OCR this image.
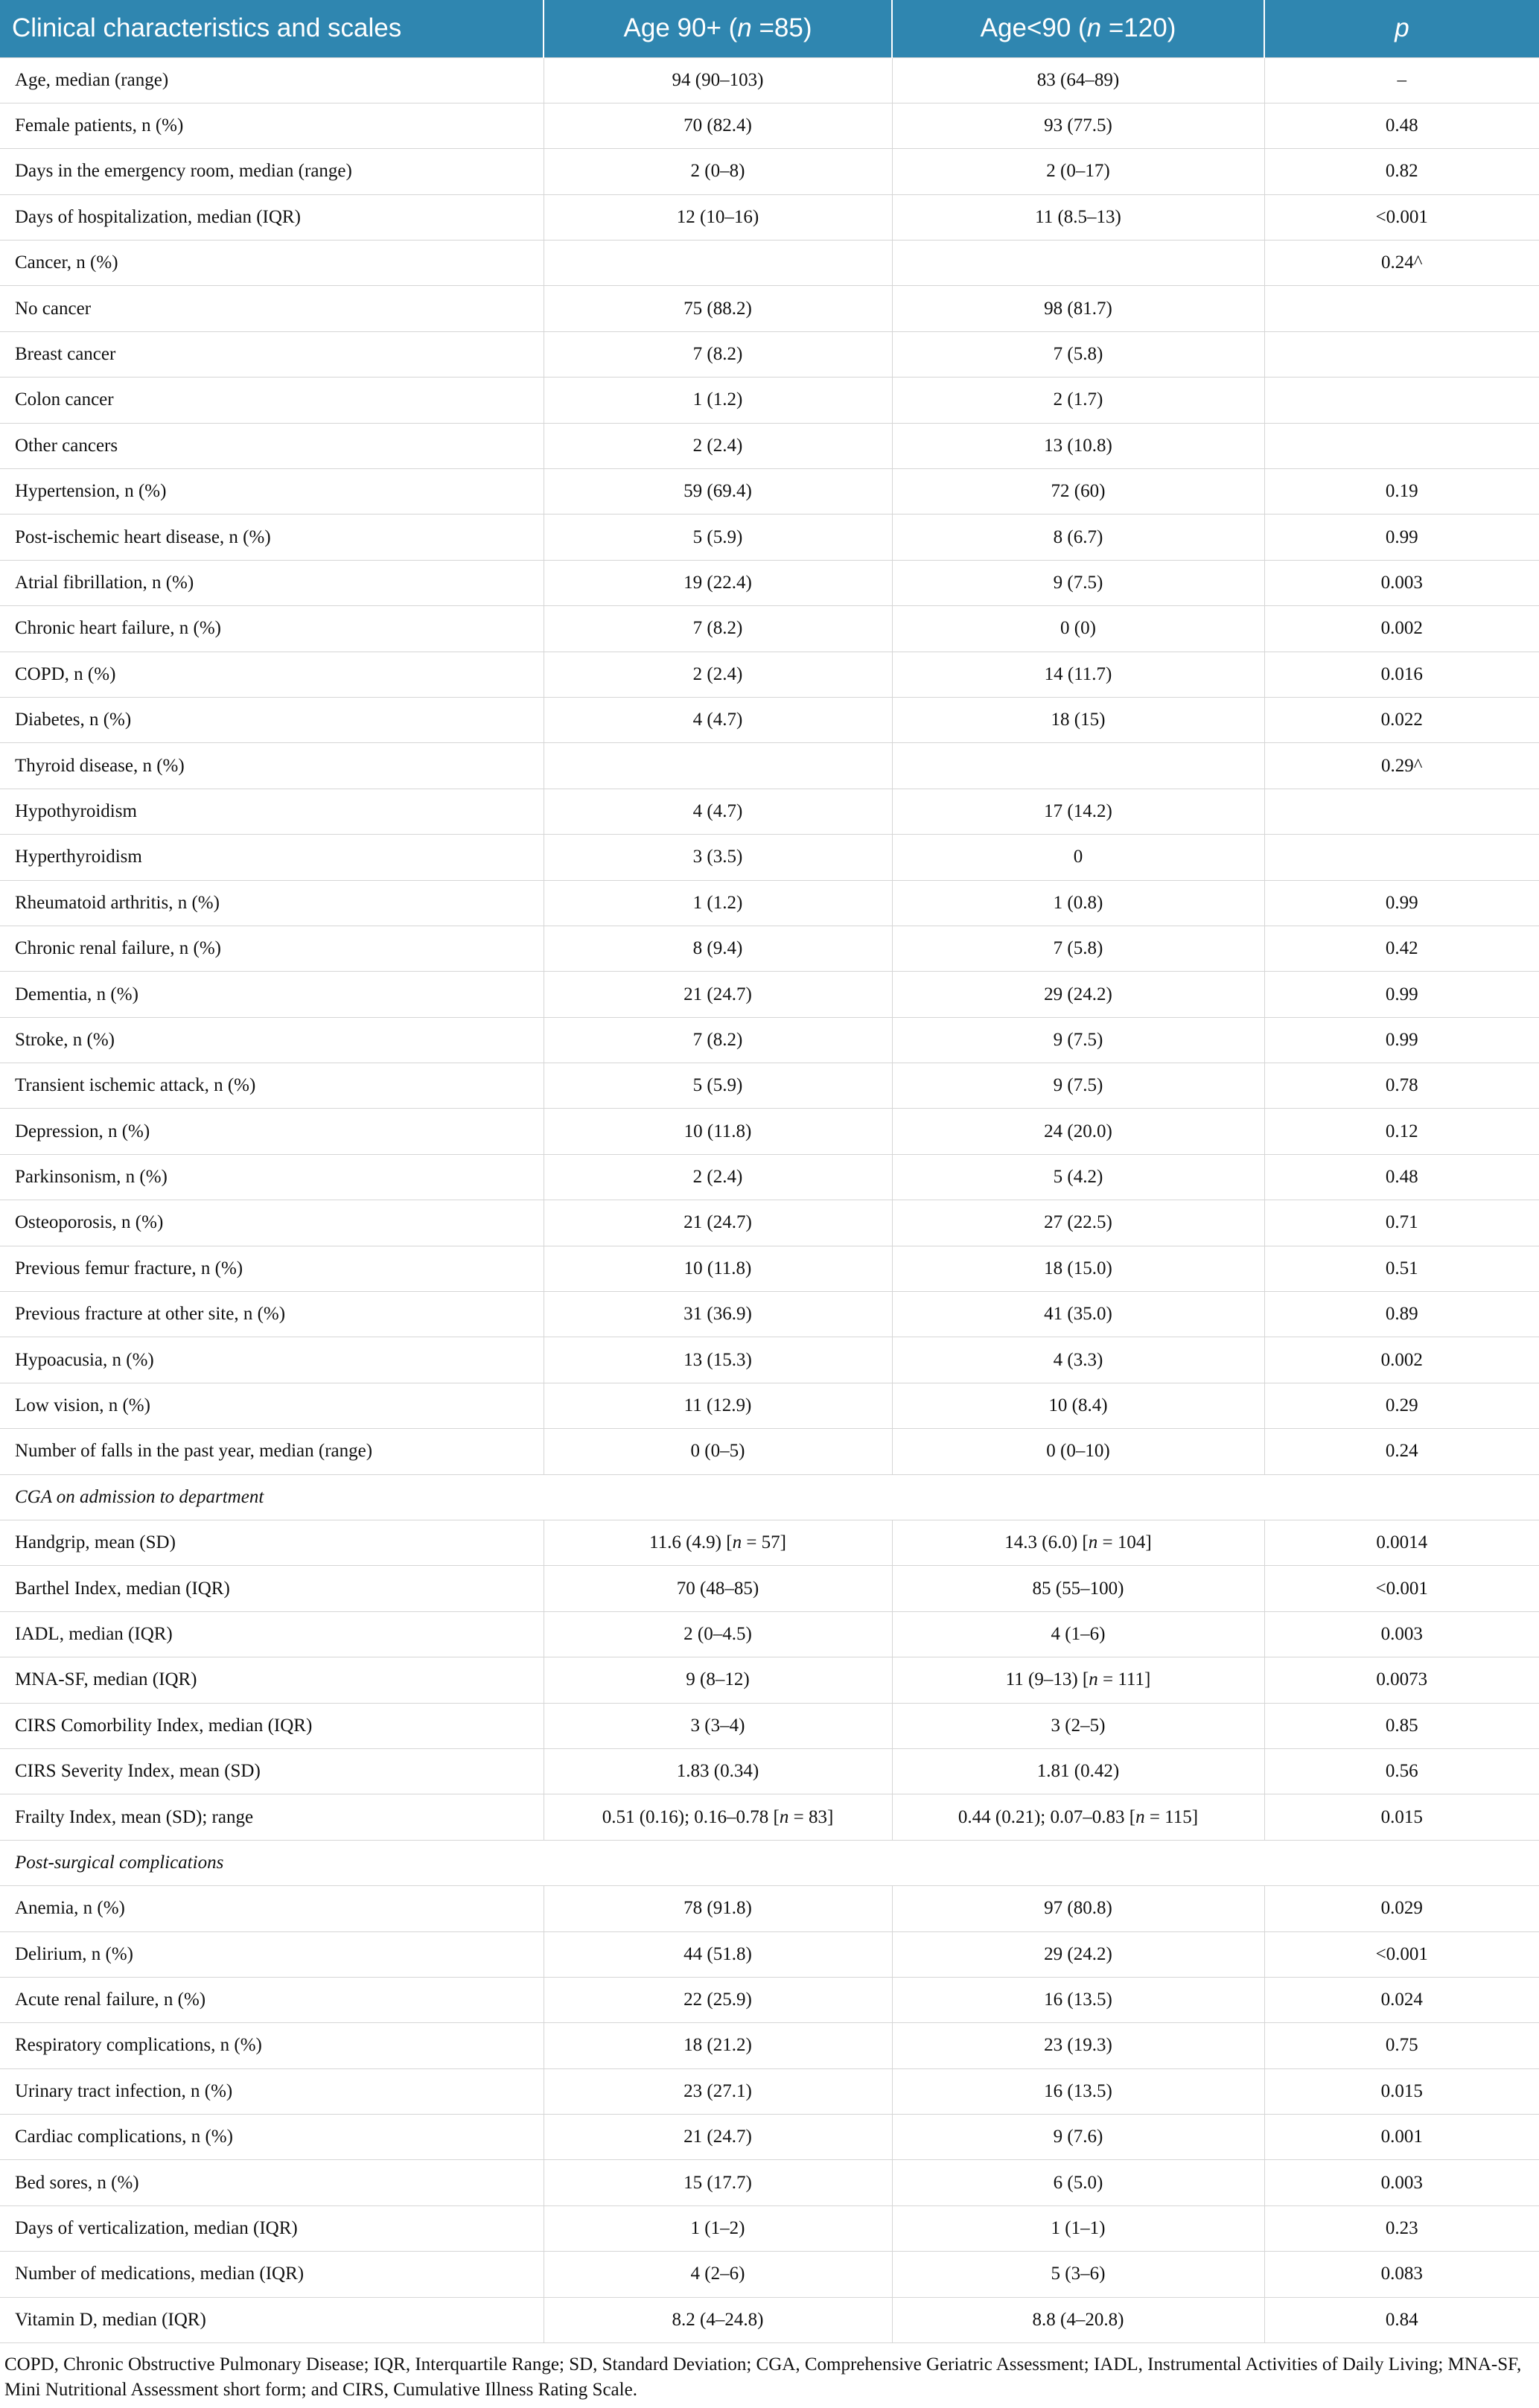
Clinical characteristics and scales	Age 90+ (n =85)	Age<90 (n =120)	p
Age, median (range)	94 (90–103)	83 (64–89)	–
Female patients, n (%)	70 (82.4)	93 (77.5)	0.48
Days in the emergency room, median (range)	2 (0–8)	2 (0–17)	0.82
Days of hospitalization, median (IQR)	12 (10–16)	11 (8.5–13)	<0.001
Cancer, n (%)			0.24^
No cancer	75 (88.2)	98 (81.7)	
Breast cancer	7 (8.2)	7 (5.8)	
Colon cancer	1 (1.2)	2 (1.7)	
Other cancers	2 (2.4)	13 (10.8)	
Hypertension, n (%)	59 (69.4)	72 (60)	0.19
Post-ischemic heart disease, n (%)	5 (5.9)	8 (6.7)	0.99
Atrial fibrillation, n (%)	19 (22.4)	9 (7.5)	0.003
Chronic heart failure, n (%)	7 (8.2)	0 (0)	0.002
COPD, n (%)	2 (2.4)	14 (11.7)	0.016
Diabetes, n (%)	4 (4.7)	18 (15)	0.022
Thyroid disease, n (%)			0.29^
Hypothyroidism	4 (4.7)	17 (14.2)	
Hyperthyroidism	3 (3.5)	0	
Rheumatoid arthritis, n (%)	1 (1.2)	1 (0.8)	0.99
Chronic renal failure, n (%)	8 (9.4)	7 (5.8)	0.42
Dementia, n (%)	21 (24.7)	29 (24.2)	0.99
Stroke, n (%)	7 (8.2)	9 (7.5)	0.99
Transient ischemic attack, n (%)	5 (5.9)	9 (7.5)	0.78
Depression, n (%)	10 (11.8)	24 (20.0)	0.12
Parkinsonism, n (%)	2 (2.4)	5 (4.2)	0.48
Osteoporosis, n (%)	21 (24.7)	27 (22.5)	0.71
Previous femur fracture, n (%)	10 (11.8)	18 (15.0)	0.51
Previous fracture at other site, n (%)	31 (36.9)	41 (35.0)	0.89
Hypoacusia, n (%)	13 (15.3)	4 (3.3)	0.002
Low vision, n (%)	11 (12.9)	10 (8.4)	0.29
Number of falls in the past year, median (range)	0 (0–5)	0 (0–10)	0.24
CGA on admission to department			
Handgrip, mean (SD)	11.6 (4.9) [n = 57]	14.3 (6.0) [n = 104]	0.0014
Barthel Index, median (IQR)	70 (48–85)	85 (55–100)	<0.001
IADL, median (IQR)	2 (0–4.5)	4 (1–6)	0.003
MNA-SF, median (IQR)	9 (8–12)	11 (9–13) [n = 111]	0.0073
CIRS Comorbility Index, median (IQR)	3 (3–4)	3 (2–5)	0.85
CIRS Severity Index, mean (SD)	1.83 (0.34)	1.81 (0.42)	0.56
Frailty Index, mean (SD); range	0.51 (0.16); 0.16–0.78 [n = 83]	0.44 (0.21); 0.07–0.83 [n = 115]	0.015
Post-surgical complications			
Anemia, n (%)	78 (91.8)	97 (80.8)	0.029
Delirium, n (%)	44 (51.8)	29 (24.2)	<0.001
Acute renal failure, n (%)	22 (25.9)	16 (13.5)	0.024
Respiratory complications, n (%)	18 (21.2)	23 (19.3)	0.75
Urinary tract infection, n (%)	23 (27.1)	16 (13.5)	0.015
Cardiac complications, n (%)	21 (24.7)	9 (7.6)	0.001
Bed sores, n (%)	15 (17.7)	6 (5.0)	0.003
Days of verticalization, median (IQR)	1 (1–2)	1 (1–1)	0.23
Number of medications, median (IQR)	4 (2–6)	5 (3–6)	0.083
Vitamin D, median (IQR)	8.2 (4–24.8)	8.8 (4–20.8)	0.84
COPD, Chronic Obstructive Pulmonary Disease; IQR, Interquartile Range; SD, Standard Deviation; CGA, Comprehensive Geriatric Assessment; IADL, Instrumental Activities of Daily Living; MNA-SF, Mini Nutritional Assessment short form; and CIRS, Cumulative Illness Rating Scale.
